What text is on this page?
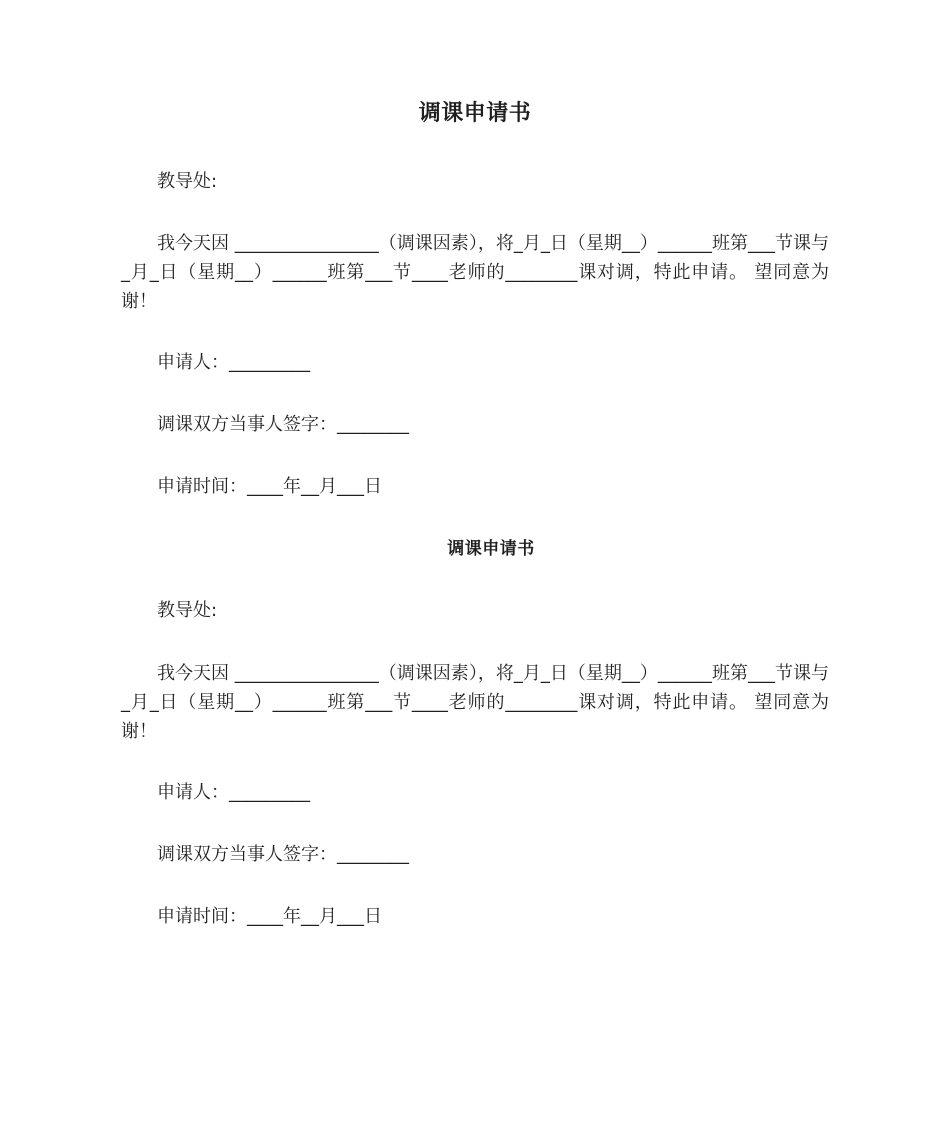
调课申请书
教导处:
我今天因 ________________（调课因素），将_月_日（星期__）______班第___节课与_月_日（星期__）______班第___节____老师的________课对调，特此申请。 望同意为谢！
申请人：_________
调课双方当事人签字：________
申请时间：____年__月___日
调课申请书
教导处:
我今天因 ________________（调课因素），将_月_日（星期__）______班第___节课与_月_日（星期__）______班第___节____老师的________课对调，特此申请。 望同意为谢！
申请人：_________
调课双方当事人签字：________
申请时间：____年__月___日
